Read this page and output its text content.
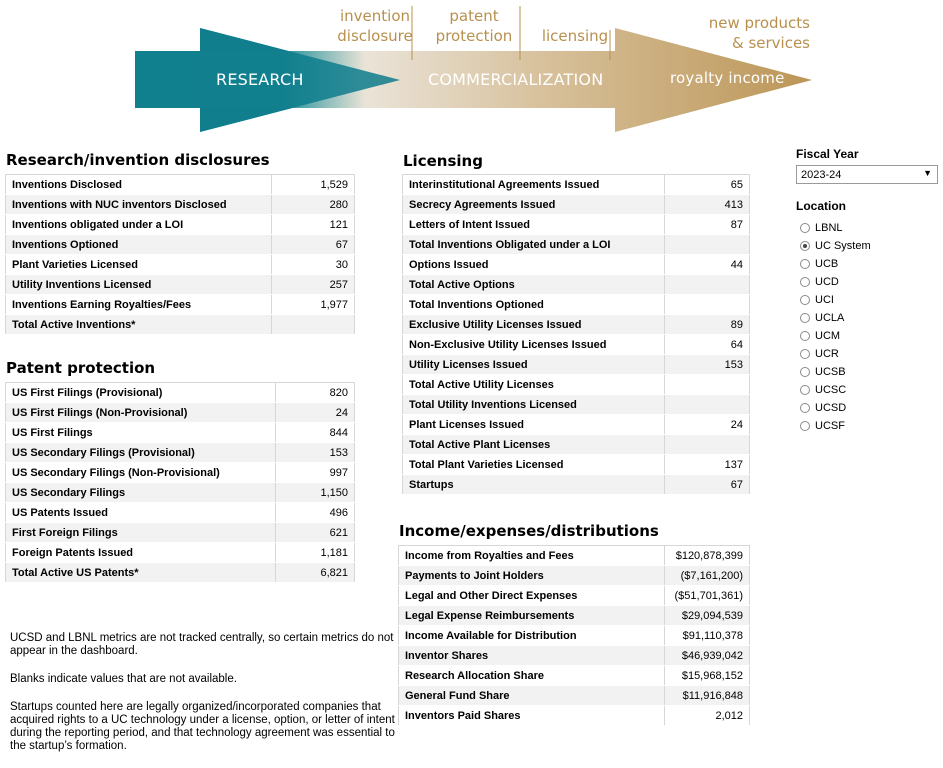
invention
disclosure
patent
protection licensing
new products
& services
RESEARCH	COMMERCIALIZATION	royalty income
Research/invention disclosures
Inventions Disclosed	1,529
Inventions with NUC inventors Disclosed	280
Inventions obligated under a LOI	121
Inventions Optioned	67
Plant Varieties Licensed	30
Utility Inventions Licensed	257
Inventions Earning Royalties/Fees	1,977
Total Active Inventions*	
Patent protection
US First Filings (Provisional)	820
US First Filings (Non-Provisional)	24
US First Filings	844
US Secondary Filings (Provisional)	153
US Secondary Filings (Non-Provisional)	997
US Secondary Filings	1,150
US Patents Issued	496
First Foreign Filings	621
Foreign Patents Issued	1,181
Total Active US Patents*	6,821
Licensing
Interinstitutional Agreements Issued	65
Secrecy Agreements Issued	413
Letters of Intent Issued	87
Total Inventions Obligated under a LOI	
Options Issued	44
Total Active Options	
Total Inventions Optioned	
Exclusive Utility Licenses Issued	89
Non-Exclusive Utility Licenses Issued	64
Utility Licenses Issued	153
Total Active Utility Licenses	
Total Utility Inventions Licensed	
Plant Licenses Issued	24
Total Active Plant Licenses	
Total Plant Varieties Licensed	137
Startups	67
Income/expenses/distributions
Income from Royalties and Fees	$120,878,399
Payments to Joint Holders	($7,161,200)
Legal and Other Direct Expenses	($51,701,361)
Legal Expense Reimbursements	$29,094,539
Income Available for Distribution	$91,110,378
Inventor Shares	$46,939,042
Research Allocation Share	$15,968,152
General Fund Share	$11,916,848
Inventors Paid Shares	2,012

UCSD and LBNL metrics are not tracked centrally, so certain metrics do not appear in the dashboard.

Blanks indicate values that are not available.

Startups counted here are legally organized/incorporated companies that acquired rights to a UC technology under a license, option, or letter of intent during the reporting period, and that technology agreement was essential to the startup’s formation.

Fiscal Year
2023-24	▼
Location
LBNL
UC System
UCB
UCD
UCI
UCLA
UCM
UCR
UCSB
UCSC
UCSD
UCSF
